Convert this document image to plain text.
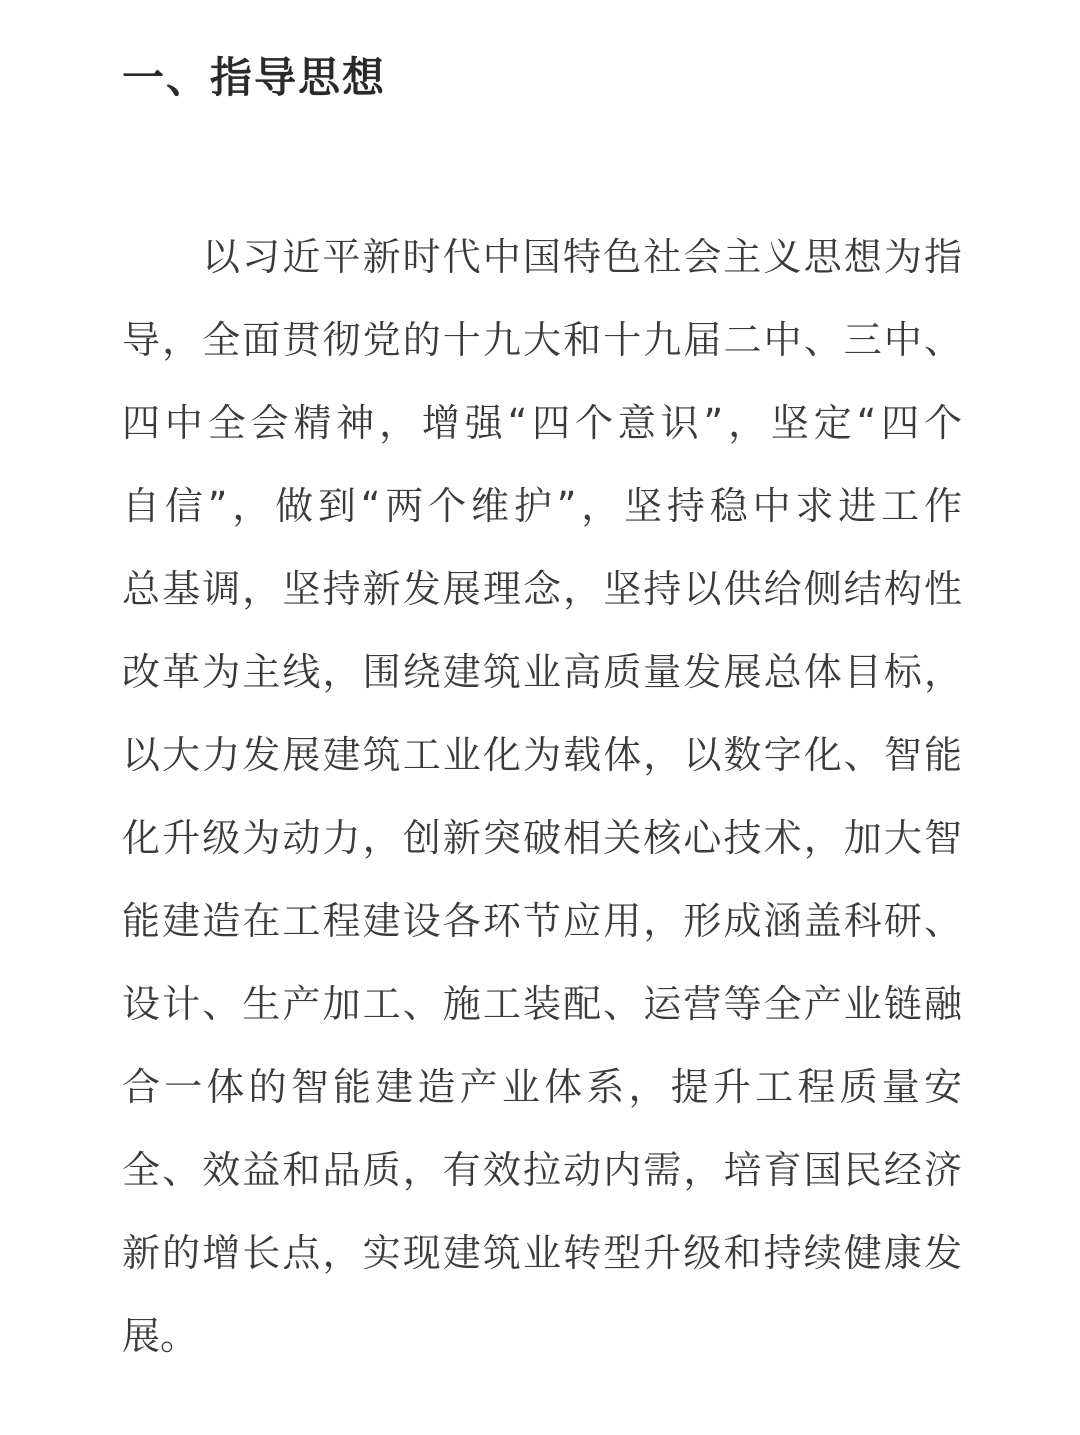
一、指导思想
以习近平新时代中国特色社会主义思想为指
导，全面贯彻党的十九大和十九届二中、三中、
四中全会精神，增强“四个意识”，坚定“四个
自信”，做到“两个维护”，坚持稳中求进工作
总基调，坚持新发展理念，坚持以供给侧结构性
改革为主线，围绕建筑业高质量发展总体目标，
以大力发展建筑工业化为载体，以数字化、智能
化升级为动力，创新突破相关核心技术，加大智
能建造在工程建设各环节应用，形成涵盖科研、
设计、生产加工、施工装配、运营等全产业链融
合一体的智能建造产业体系，提升工程质量安
全、效益和品质，有效拉动内需，培育国民经济
新的增长点，实现建筑业转型升级和持续健康发
展。
